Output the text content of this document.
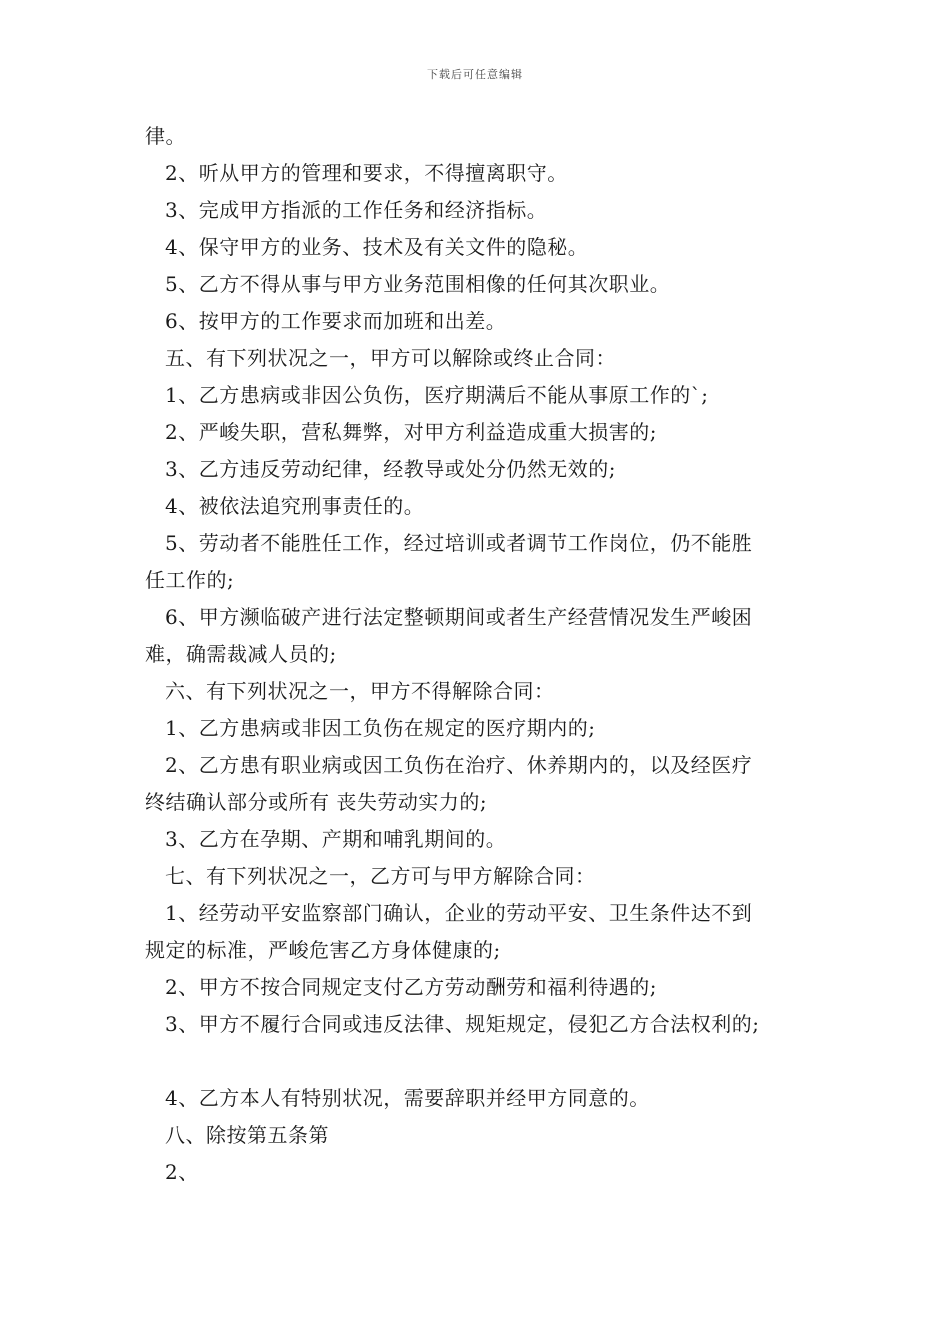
下载后可任意编辑
律。
2、听从甲方的管理和要求，不得擅离职守。
3、完成甲方指派的工作任务和经济指标。
4、保守甲方的业务、技术及有关文件的隐秘。
5、乙方不得从事与甲方业务范围相像的任何其次职业。
6、按甲方的工作要求而加班和出差。
五、有下列状况之一，甲方可以解除或终止合同：
1、乙方患病或非因公负伤，医疗期满后不能从事原工作的`;
2、严峻失职，营私舞弊，对甲方利益造成重大损害的;
3、乙方违反劳动纪律，经教导或处分仍然无效的;
4、被依法追究刑事责任的。
5、劳动者不能胜任工作，经过培训或者调节工作岗位，仍不能胜
任工作的;
6、甲方濒临破产进行法定整顿期间或者生产经营情况发生严峻困
难，确需裁减人员的;
六、有下列状况之一，甲方不得解除合同：
1、乙方患病或非因工负伤在规定的医疗期内的;
2、乙方患有职业病或因工负伤在治疗、休养期内的，以及经医疗
终结确认部分或所有 丧失劳动实力的;
3、乙方在孕期、产期和哺乳期间的。
七、有下列状况之一，乙方可与甲方解除合同：
1、经劳动平安监察部门确认，企业的劳动平安、卫生条件达不到
规定的标准，严峻危害乙方身体健康的;
2、甲方不按合同规定支付乙方劳动酬劳和福利待遇的;
3、甲方不履行合同或违反法律、规矩规定，侵犯乙方合法权利的;
4、乙方本人有特别状况，需要辞职并经甲方同意的。
八、除按第五条第
2、
